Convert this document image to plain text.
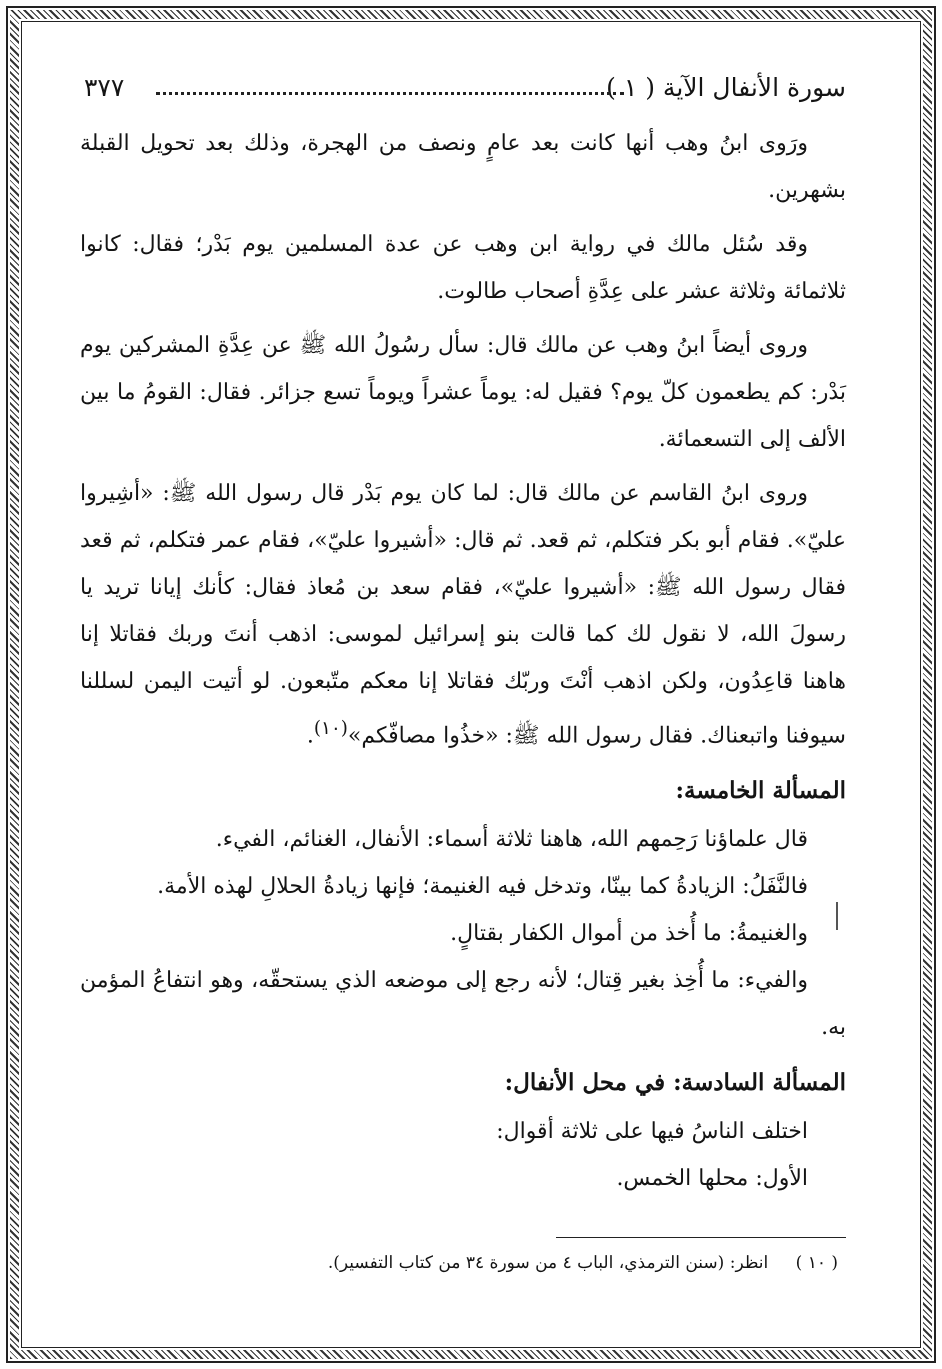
سورة الأنفال الآية ( ١ )
٣٧٧

ورَوى ابنُ وهب أنها كانت بعد عامٍ ونصف من الهجرة، وذلك بعد تحويل القبلة بشهرين.

وقد سُئل مالك في رواية ابن وهب عن عدة المسلمين يوم بَدْر؛ فقال: كانوا ثلاثمائة وثلاثة عشر على عِدَّةِ أصحاب طالوت.

وروى أيضاً ابنُ وهب عن مالك قال: سأل رسُولُ الله ﷺ عن عِدَّةِ المشركين يوم بَدْر: كم يطعمون كلّ يوم؟ فقيل له: يوماً عشراً ويوماً تسع جزائر. فقال: القومُ ما بين الألف إلى التسعمائة.

وروى ابنُ القاسم عن مالك قال: لما كان يوم بَدْر قال رسول الله ﷺ: «أشِيروا عليّ». فقام أبو بكر فتكلم، ثم قعد. ثم قال: «أشيروا عليّ»، فقام عمر فتكلم، ثم قعد فقال رسول الله ﷺ: «أشيروا عليّ»، فقام سعد بن مُعاذ فقال: كأنك إيانا تريد يا رسولَ الله، لا نقول لك كما قالت بنو إسرائيل لموسى: اذهب أنتَ وربك فقاتلا إنا هاهنا قاعِدُون، ولكن اذهب أنْتَ وربّك فقاتلا إنا معكم متّبعون. لو أتيت اليمن لسللنا سيوفنا واتبعناك. فقال رسول الله ﷺ: «خذُوا مصافّكم»$^{(١٠)}$.

المسألة الخامسة:

قال علماؤنا رَحِمهم الله، هاهنا ثلاثة أسماء: الأنفال، الغنائم، الفيء.

فالنَّفَلُ: الزيادةُ كما بينّا، وتدخل فيه الغنيمة؛ فإنها زيادةُ الحلالِ لهذه الأمة.

والغنيمةُ: ما أُخذ من أموال الكفار بقتالٍ.

والفيء: ما أُخِذ بغير قِتال؛ لأنه رجع إلى موضعه الذي يستحقّه، وهو انتفاعُ المؤمن به.

المسألة السادسة: في محل الأنفال:

اختلف الناسُ فيها على ثلاثة أقوال:

الأول: محلها الخمس.

( ١٠ ) انظر: (سنن الترمذي، الباب ٤ من سورة ٣٤ من كتاب التفسير).
